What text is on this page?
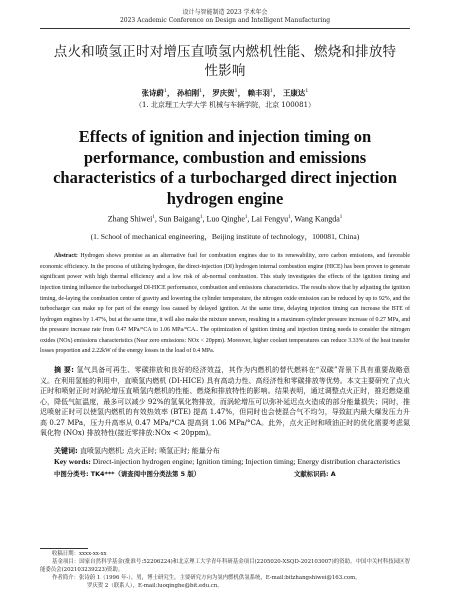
设计与智能制造 2023 学术年会
2023 Academic Conference on Design and Intelligent Manufacturing
点火和喷氢正时对增压直喷氢内燃机性能、燃烧和排放特性影响
张诗蔚$^1$， 孙柏刚$^1$， 罗庆贺$^1$， 赖丰羽$^1$， 王康达$^1$
（1. 北京理工大学大学 机械与车辆学院，北京 100081）
Effects of ignition and injection timing on performance, combustion and emissions characteristics of a turbocharged direct injection hydrogen engine
Zhang Shiwei$^1$, Sun Baigang$^1$, Luo Qinghe$^1$, Lai Fengyu$^1$, Wang Kangda$^1$
(1. School of mechanical engineering，Beijing institute of technology，100081, China)

Abstract: Hydrogen shows promise as an alternative fuel for combustion engines due to its renewability, zero carbon emissions, and favorable economic efficiency. In the process of utilizing hydrogen, the direct-injection (DI) hydrogen internal combustion engine (HICE) has been proven to generate significant power with high thermal efficiency and a low risk of ab-normal combustion. This study investigates the effects of the ignition timing and injection timing influence the turbocharged DI-HICE performance, combustion and emissions characteristics. The results show that by adjusting the ignition timing, de-laying the combustion center of gravity and lowering the cylinder temperature, the nitrogen oxide emission can be reduced by up to 92%, and the turbocharger can make up for part of the energy loss caused by delayed ignition. At the same time, delaying injection timing can increase the BTE of hydrogen engines by 1.47%, but at the same time, it will also make the mixture uneven, resulting in a maximum cylinder pressure increase of 0.27 MPa, and the pressure increase rate from 0.47 MPa/°CA to 1.06 MPa/°CA.. The optimization of ignition timing and injection timing needs to consider the nitrogen oxides (NOx) emissions characteristics (Near zero emissions: NOx < 20ppm). Moreover, higher coolant temperatures can reduce 3.33% of the heat transfer losses proportion and 2.22kW of the energy losses in the load of 0.4 MPa.

摘 要: 氢气具备可再生、零碳排放和良好的经济效益，其作为内燃机的替代燃料在“双碳”背景下具有重要战略意义。在利用氢能的利用中，直喷氢内燃机 (DI-HICE) 具有高动力性、高经济性和零碳排放等优势。本文主要研究了点火正时和喷射正时对涡轮增压直喷氢内燃机的性能、燃烧和排放特性的影响。结果表明，通过调整点火正时，推迟燃烧重心，降低气缸温度，最多可以减少 92%的氢氧化物排放，而涡轮增压可以弥补延迟点火造成的部分能量损失；同时，推迟喷射正时可以使氢内燃机的有效热效率 (BTE) 提高 1.47%，但同时也会使混合气不均匀，导致缸内最大爆发压力升高 0.27 MPa，压力升高率从 0.47 MPa/°CA 提高到 1.06 MPa/°CA。此外，点火正时和喷油正时的优化需要考虑氮氧化物 (NOx) 排放特性(接近零排放:NOx < 20ppm)。

关键词: 直喷氢内燃机; 点火正时; 喷氢正时; 能量分布
Key words: Direct-injection hydrogen engine; Ignition timing; Injection timing; Energy distribution characteristics
中图分类号: TK4***（请查阅中图分类法第 5 版）	文献标识码: A

收稿日期：xxxx-xx-xx

基金项目：国家自然科学基金(批准号:52206224)和北京理工大学青年科研基金项目(2205020-XSQD-202103007)的资助。中国中关村科技园区智能委员会(202103239223)资助。

作者简介：张诗蔚 1（1996 年-），男，博士研究生，主要研究方向为氢内燃机供氢系统，E-mail:bitzhangshiwei@163.com。

罗庆贺 2（联系人），E-mail:luoqinghe@bit.edu.cn。
